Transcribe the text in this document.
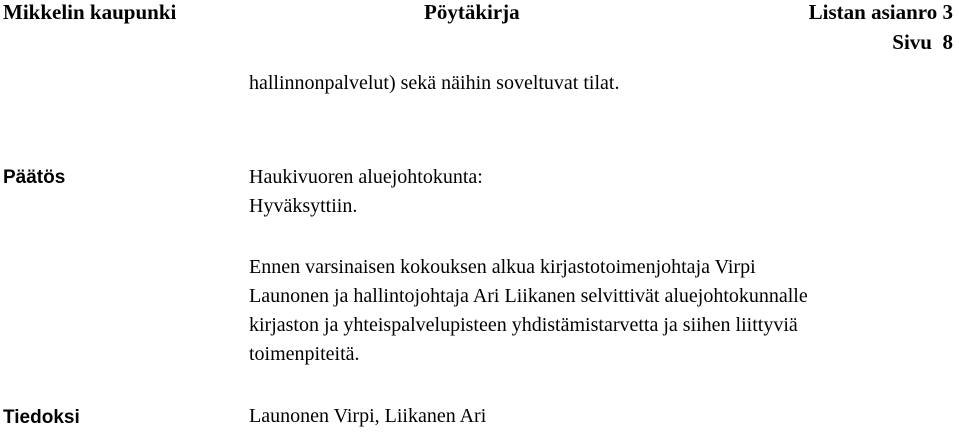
Mikkelin kaupunki	Pöytäkirja	Listan asianro 3
Sivu 8
hallinnonpalvelut) sekä näihin soveltuvat tilat.
Päätös	Haukivuoren aluejohtokunta:
Hyväksyttiin.
Ennen varsinaisen kokouksen alkua kirjastotoimenjohtaja Virpi
Launonen ja hallintojohtaja Ari Liikanen selvittivät aluejohtokunnalle
kirjaston ja yhteispalvelupisteen yhdistämistarvetta ja siihen liittyviä
toimenpiteitä.
Tiedoksi	Launonen Virpi, Liikanen Ari
